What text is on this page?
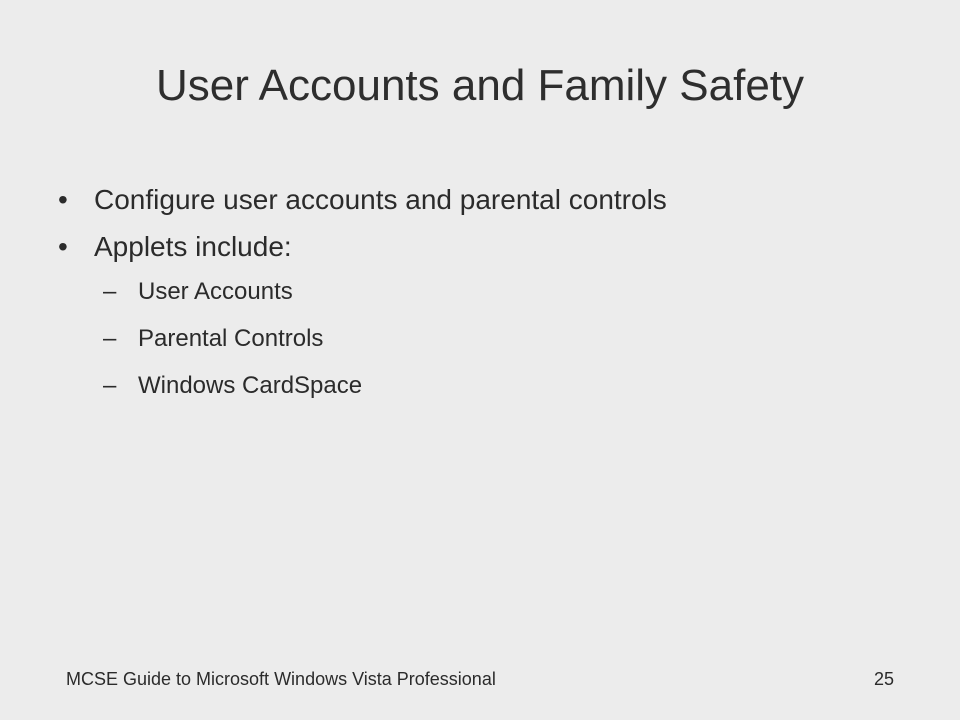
User Accounts and Family Safety
• Configure user accounts and parental controls
• Applets include:
– User Accounts
– Parental Controls
– Windows CardSpace
MCSE Guide to Microsoft Windows Vista Professional	25
